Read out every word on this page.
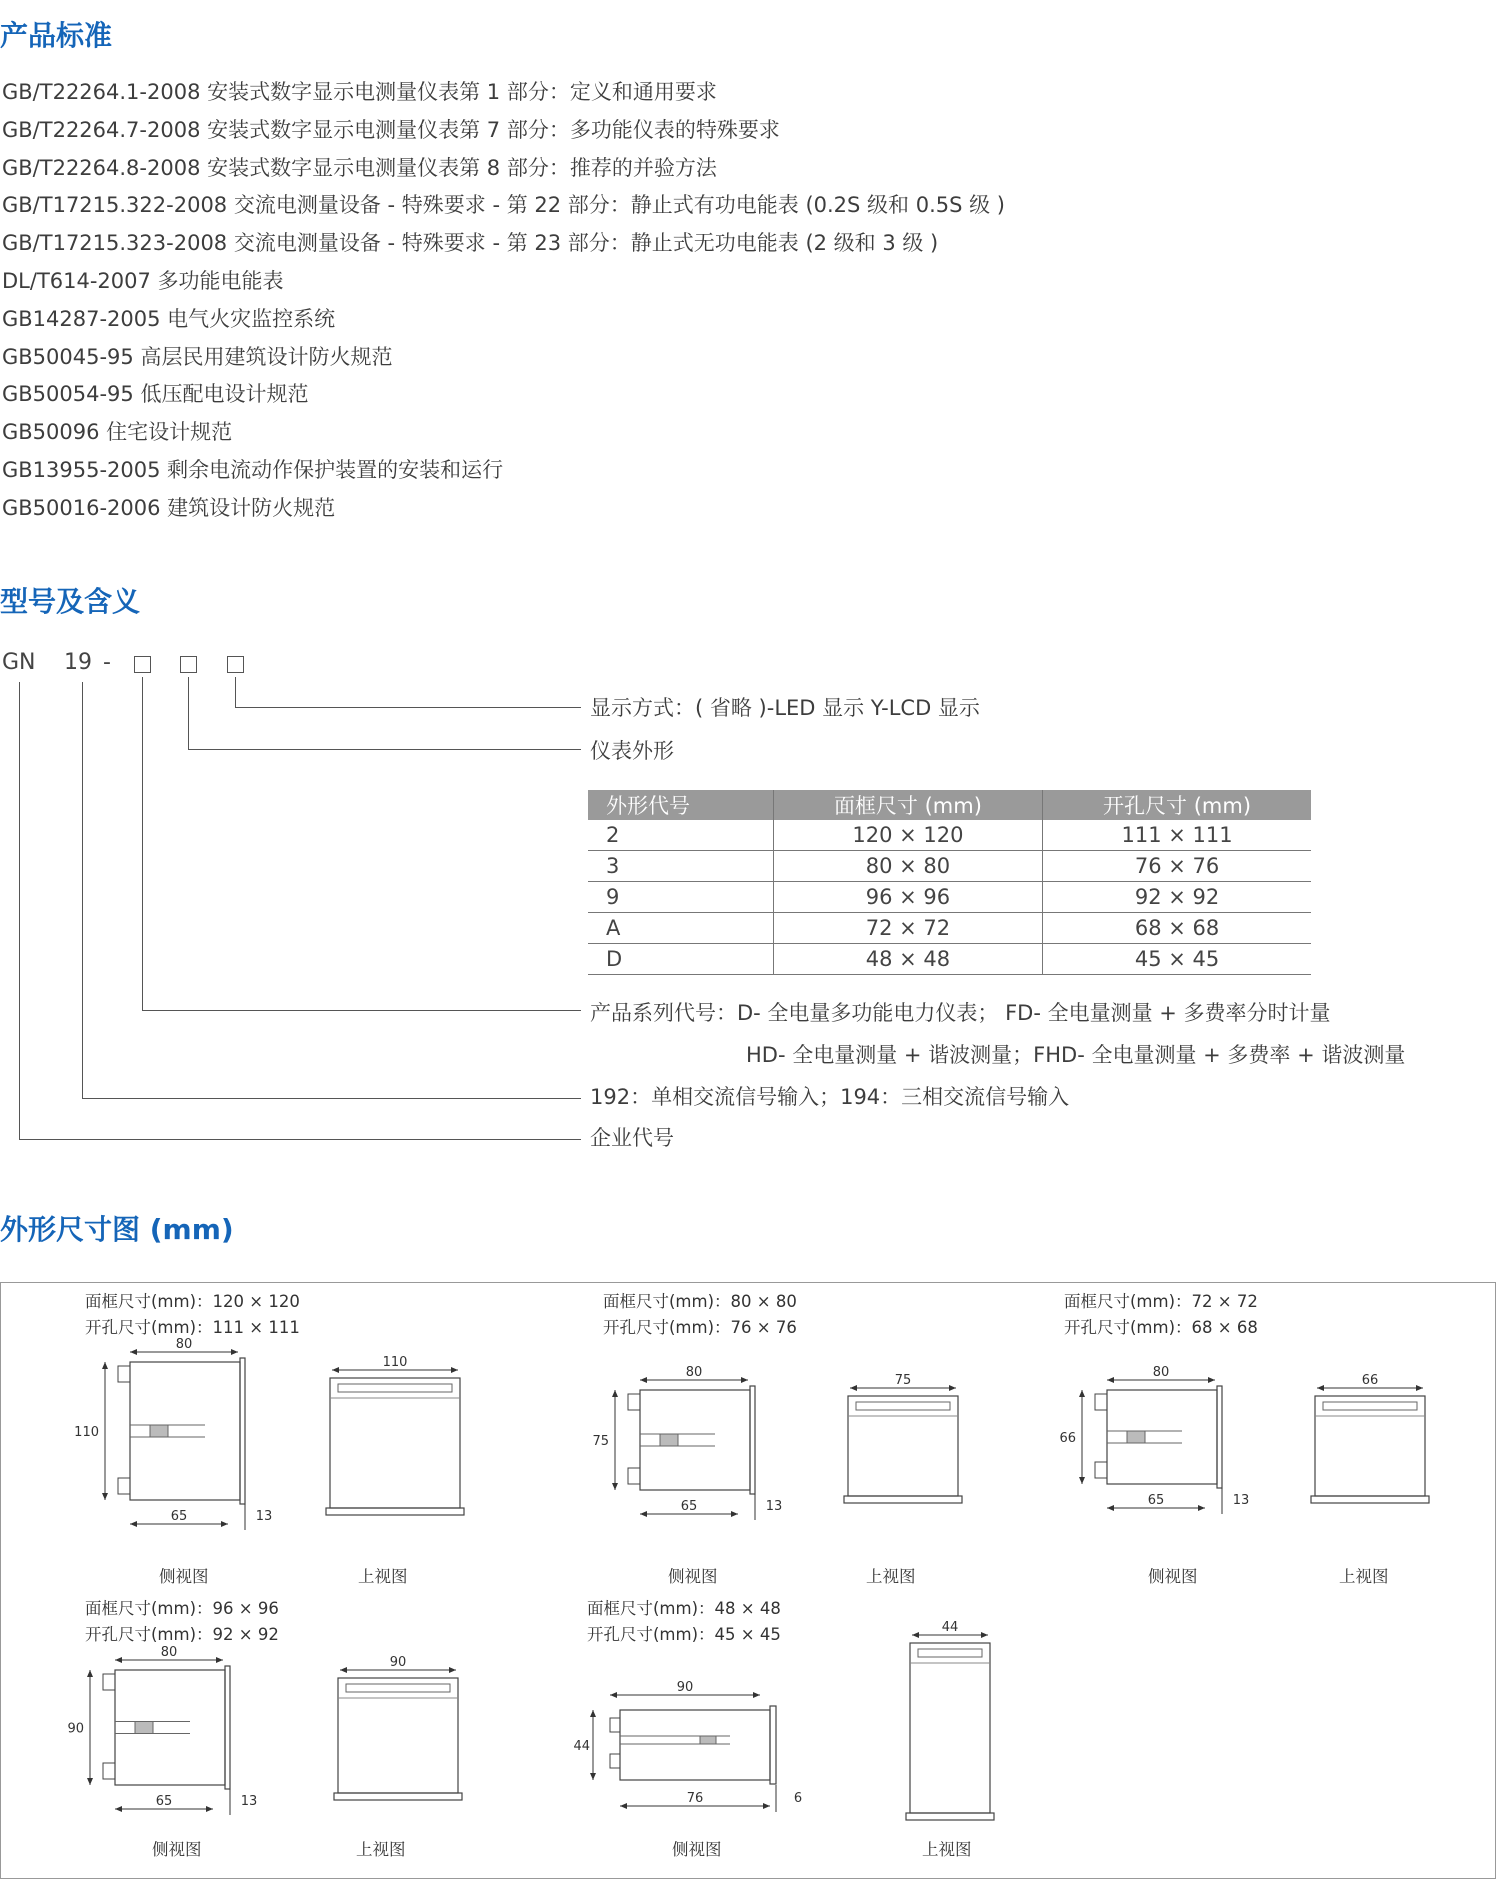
产品标准
GB/T22264.1-2008 安装式数字显示电测量仪表第 1 部分：定义和通用要求
GB/T22264.7-2008 安装式数字显示电测量仪表第 7 部分：多功能仪表的特殊要求
GB/T22264.8-2008 安装式数字显示电测量仪表第 8 部分：推荐的并验方法
GB/T17215.322-2008 交流电测量设备 - 特殊要求 - 第 22 部分：静止式有功电能表 (0.2S 级和 0.5S 级 )
GB/T17215.323-2008 交流电测量设备 - 特殊要求 - 第 23 部分：静止式无功电能表 (2 级和 3 级 )
DL/T614-2007 多功能电能表
GB14287-2005 电气火灾监控系统
GB50045-95 高层民用建筑设计防火规范
GB50054-95 低压配电设计规范
GB50096 住宅设计规范
GB13955-2005 剩余电流动作保护装置的安装和运行
GB50016-2006 建筑设计防火规范
型号及含义
GN 19 -
显示方式：( 省略 )-LED 显示 Y-LCD 显示
仪表外形
外形代号	面框尺寸 (mm)	开孔尺寸 (mm)
2	120 × 120	111 × 111
3	80 × 80	76 × 76
9	96 × 96	92 × 92
A	72 × 72	68 × 68
D	48 × 48	45 × 45
产品系列代号：D- 全电量多功能电力仪表； FD- 全电量测量 + 多费率分时计量
HD- 全电量测量 + 谐波测量；FHD- 全电量测量 + 多费率 + 谐波测量
192：单相交流信号输入；194：三相交流信号输入
企业代号
外形尺寸图 (mm)
面框尺寸(mm)：120 × 120
开孔尺寸(mm)：111 × 111
80
110
65	13
110
侧视图	上视图
面框尺寸(mm)：80 × 80
开孔尺寸(mm)：76 × 76
80
75
65	13
75
侧视图	上视图
面框尺寸(mm)：72 × 72
开孔尺寸(mm)：68 × 68
80
66
65	13
66
侧视图	上视图
面框尺寸(mm)：96 × 96
开孔尺寸(mm)：92 × 92
80
90
65	13
90
侧视图	上视图
面框尺寸(mm)：48 × 48
开孔尺寸(mm)：45 × 45
90
44
76	6
44
侧视图	上视图
